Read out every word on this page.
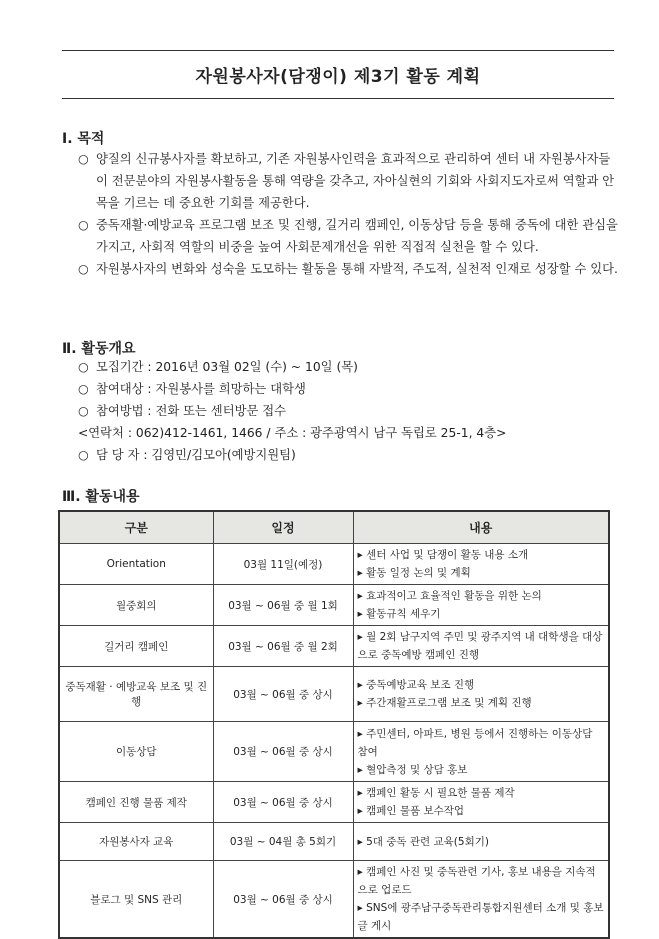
자원봉사자(담쟁이) 제3기 활동 계획
Ⅰ. 목적
○ 양질의 신규봉사자를 확보하고, 기존 자원봉사인력을 효과적으로 관리하여 센터 내 자원봉사자들이 전문분야의 자원봉사활동을 통해 역량을 갖추고, 자아실현의 기회와 사회지도자로써 역할과 안목을 기르는 데 중요한 기회를 제공한다.
○ 중독재활·예방교육 프로그램 보조 및 진행, 길거리 캠페인, 이동상담 등을 통해 중독에 대한 관심을 가지고, 사회적 역할의 비중을 높여 사회문제개선을 위한 직접적 실천을 할 수 있다.
○ 자원봉사자의 변화와 성숙을 도모하는 활동을 통해 자발적, 주도적, 실천적 인재로 성장할 수 있다.
Ⅱ. 활동개요
○ 모집기간 : 2016년 03월 02일 (수) ~ 10일 (목)
○ 참여대상 : 자원봉사를 희망하는 대학생
○ 참여방법 : 전화 또는 센터방문 접수
<연락처 : 062)412-1461, 1466 / 주소 : 광주광역시 남구 독립로 25-1, 4층>
○ 담 당 자 : 김영민/김모아(예방지원팀)
Ⅲ. 활동내용
구분	일정	내용
Orientation	03월 11일(예정)	▸ 센터 사업 및 담쟁이 활동 내용 소개
▸ 활동 일정 논의 및 계획

월중회의	03월 ~ 06월 중 월 1회	▸ 효과적이고 효율적인 활동을 위한 논의
▸ 활동규칙 세우기

길거리 캠페인	03월 ~ 06월 중 월 2회	▸ 월 2회 남구지역 주민 및 광주지역 내 대학생을 대상으로 중독예방 캠페인 진행

중독재활 · 예방교육 보조 및 진행	03월 ~ 06월 중 상시	▸ 중독예방교육 보조 진행
▸ 주간재활프로그램 보조 및 계획 진행

이동상담	03월 ~ 06월 중 상시	▸ 주민센터, 아파트, 병원 등에서 진행하는 이동상담 참여
▸ 혈압측정 및 상담 홍보

캠페인 진행 물품 제작	03월 ~ 06월 중 상시	▸ 캠페인 활동 시 필요한 물품 제작
▸ 캠페인 물품 보수작업

자원봉사자 교육	03월 ~ 04월 총 5회기	▸ 5대 중독 관련 교육(5회기)

블로그 및 SNS 관리	03월 ~ 06월 중 상시	▸ 캠페인 사진 및 중독관련 기사, 홍보 내용을 지속적으로 업로드
▸ SNS에 광주남구중독관리통합지원센터 소개 및 홍보 글 게시
